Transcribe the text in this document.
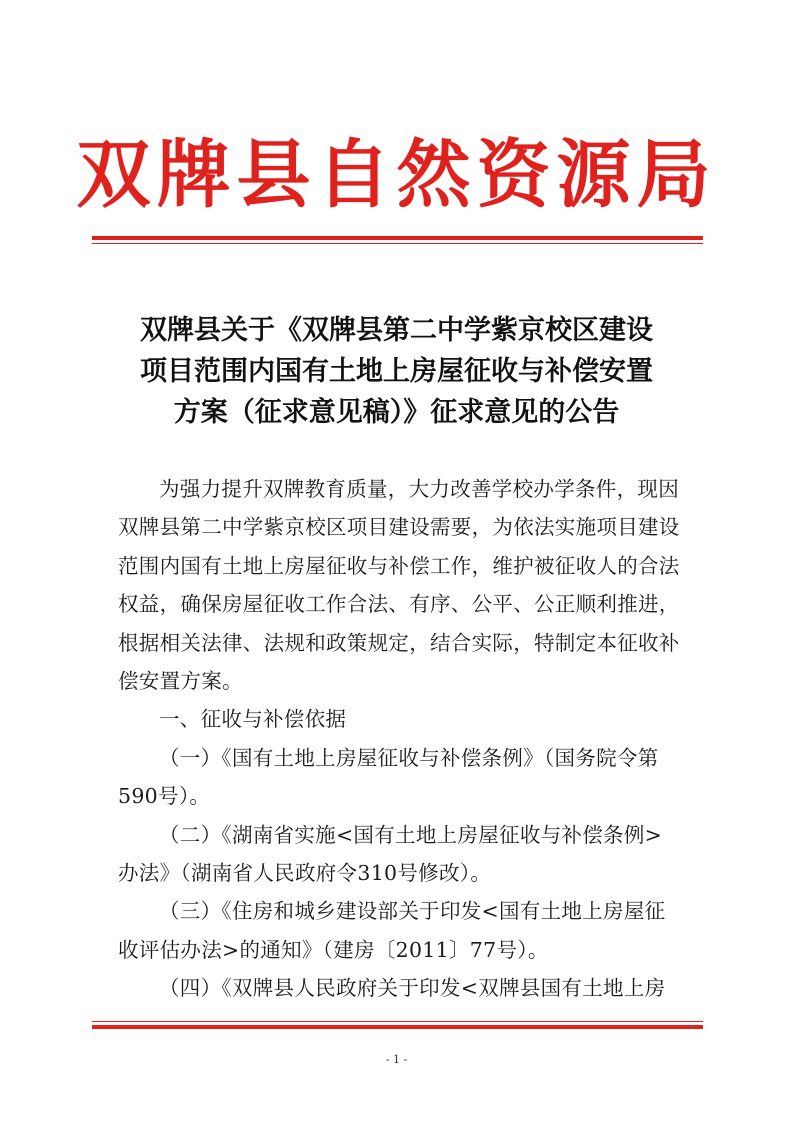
双牌县自然资源局
双牌县关于《双牌县第二中学紫京校区建设
项目范围内国有土地上房屋征收与补偿安置
方案（征求意见稿）》征求意见的公告
为强力提升双牌教育质量，大力改善学校办学条件，现因
双牌县第二中学紫京校区项目建设需要，为依法实施项目建设
范围内国有土地上房屋征收与补偿工作，维护被征收人的合法
权益，确保房屋征收工作合法、有序、公平、公正顺利推进，
根据相关法律、法规和政策规定，结合实际，特制定本征收补
偿安置方案。
一、征收与补偿依据
（一）《国有土地上房屋征收与补偿条例》（国务院令第
590号）。
（二）《湖南省实施<国有土地上房屋征收与补偿条例>
办法》（湖南省人民政府令310号修改）。
（三）《住房和城乡建设部关于印发<国有土地上房屋征
收评估办法>的通知》（建房〔2011〕77号）。
（四）《双牌县人民政府关于印发<双牌县国有土地上房
- 1 -
